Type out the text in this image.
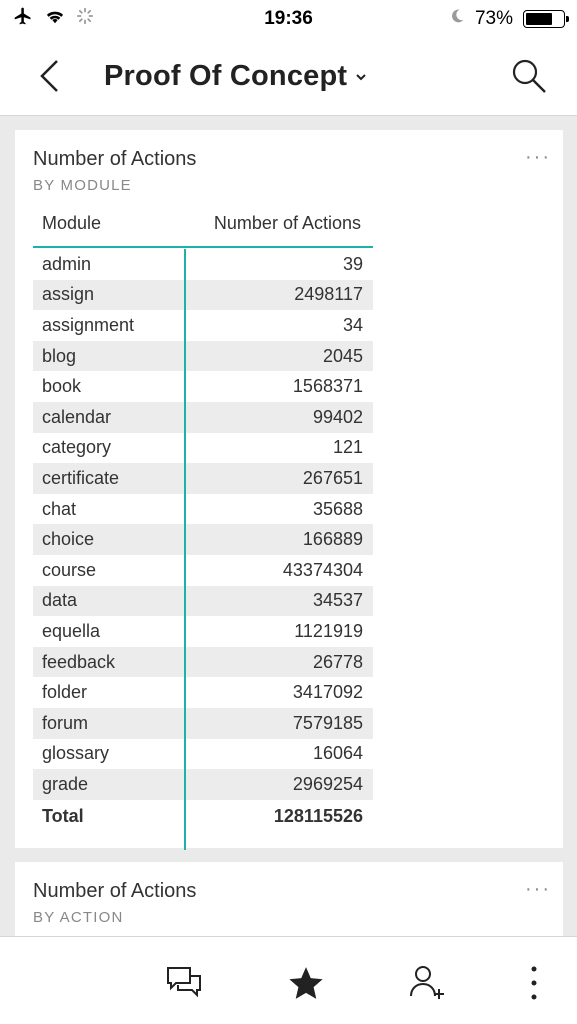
19:36	73%
Proof Of Concept
Number of Actions
BY MODULE
···
Module	Number of Actions
admin	39
assign	2498117
assignment	34
blog	2045
book	1568371
calendar	99402
category	121
certificate	267651
chat	35688
choice	166889
course	43374304
data	34537
equella	1121919
feedback	26778
folder	3417092
forum	7579185
glossary	16064
grade	2969254
Total	128115526
Number of Actions
BY ACTION
···
